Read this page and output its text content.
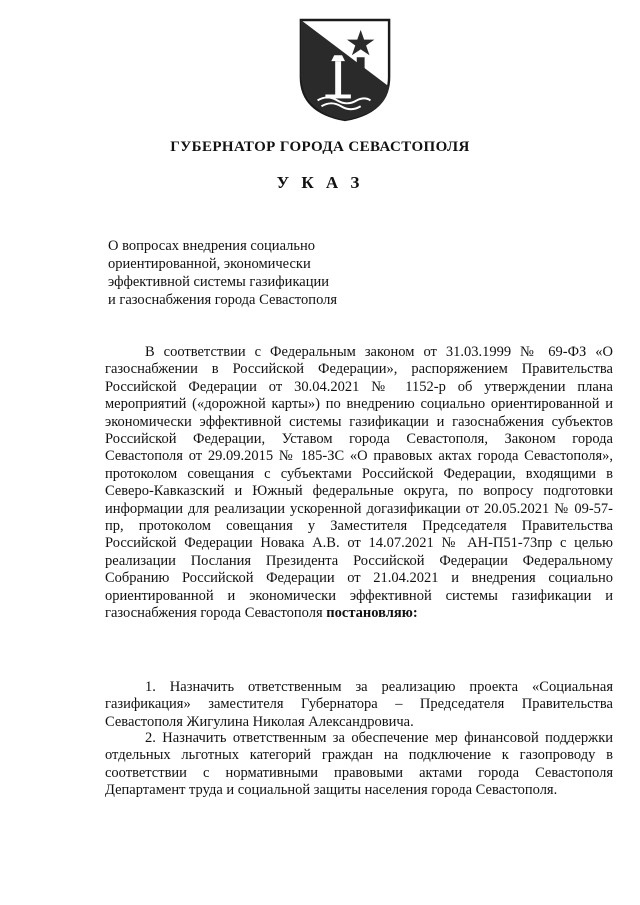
ГУБЕРНАТОР ГОРОДА СЕВАСТОПОЛЯ
У К А З
О вопросах внедрения социально
ориентированной, экономически
эффективной системы газификации
и газоснабжения города Севастополя

В соответствии с Федеральным законом от 31.03.1999 № 69-ФЗ «О газоснабжении в Российской Федерации», распоряжением Правительства Российской Федерации от 30.04.2021 № 1152-р об утверждении плана мероприятий («дорожной карты») по внедрению социально ориентированной и экономически эффективной системы газификации и газоснабжения субъектов Российской Федерации, Уставом города Севастополя, Законом города Севастополя от 29.09.2015 № 185-ЗС «О правовых актах города Севастополя», протоколом совещания с субъектами Российской Федерации, входящими в Северо-Кавказский и Южный федеральные округа, по вопросу подготовки информации для реализации ускоренной догазификации от 20.05.2021 № 09-57-пр, протоколом совещания у Заместителя Председателя Правительства Российской Федерации Новака А.В. от 14.07.2021 № АН-П51-73пр с целью реализации Послания Президента Российской Федерации Федеральному Собранию Российской Федерации от 21.04.2021 и внедрения социально ориентированной и экономически эффективной системы газификации и газоснабжения города Севастополя постановляю:

1. Назначить ответственным за реализацию проекта «Социальная газификация» заместителя Губернатора – Председателя Правительства Севастополя Жигулина Николая Александровича.

2. Назначить ответственным за обеспечение мер финансовой поддержки отдельных льготных категорий граждан на подключение к газопроводу в соответствии с нормативными правовыми актами города Севастополя Департамент труда и социальной защиты населения города Севастополя.
